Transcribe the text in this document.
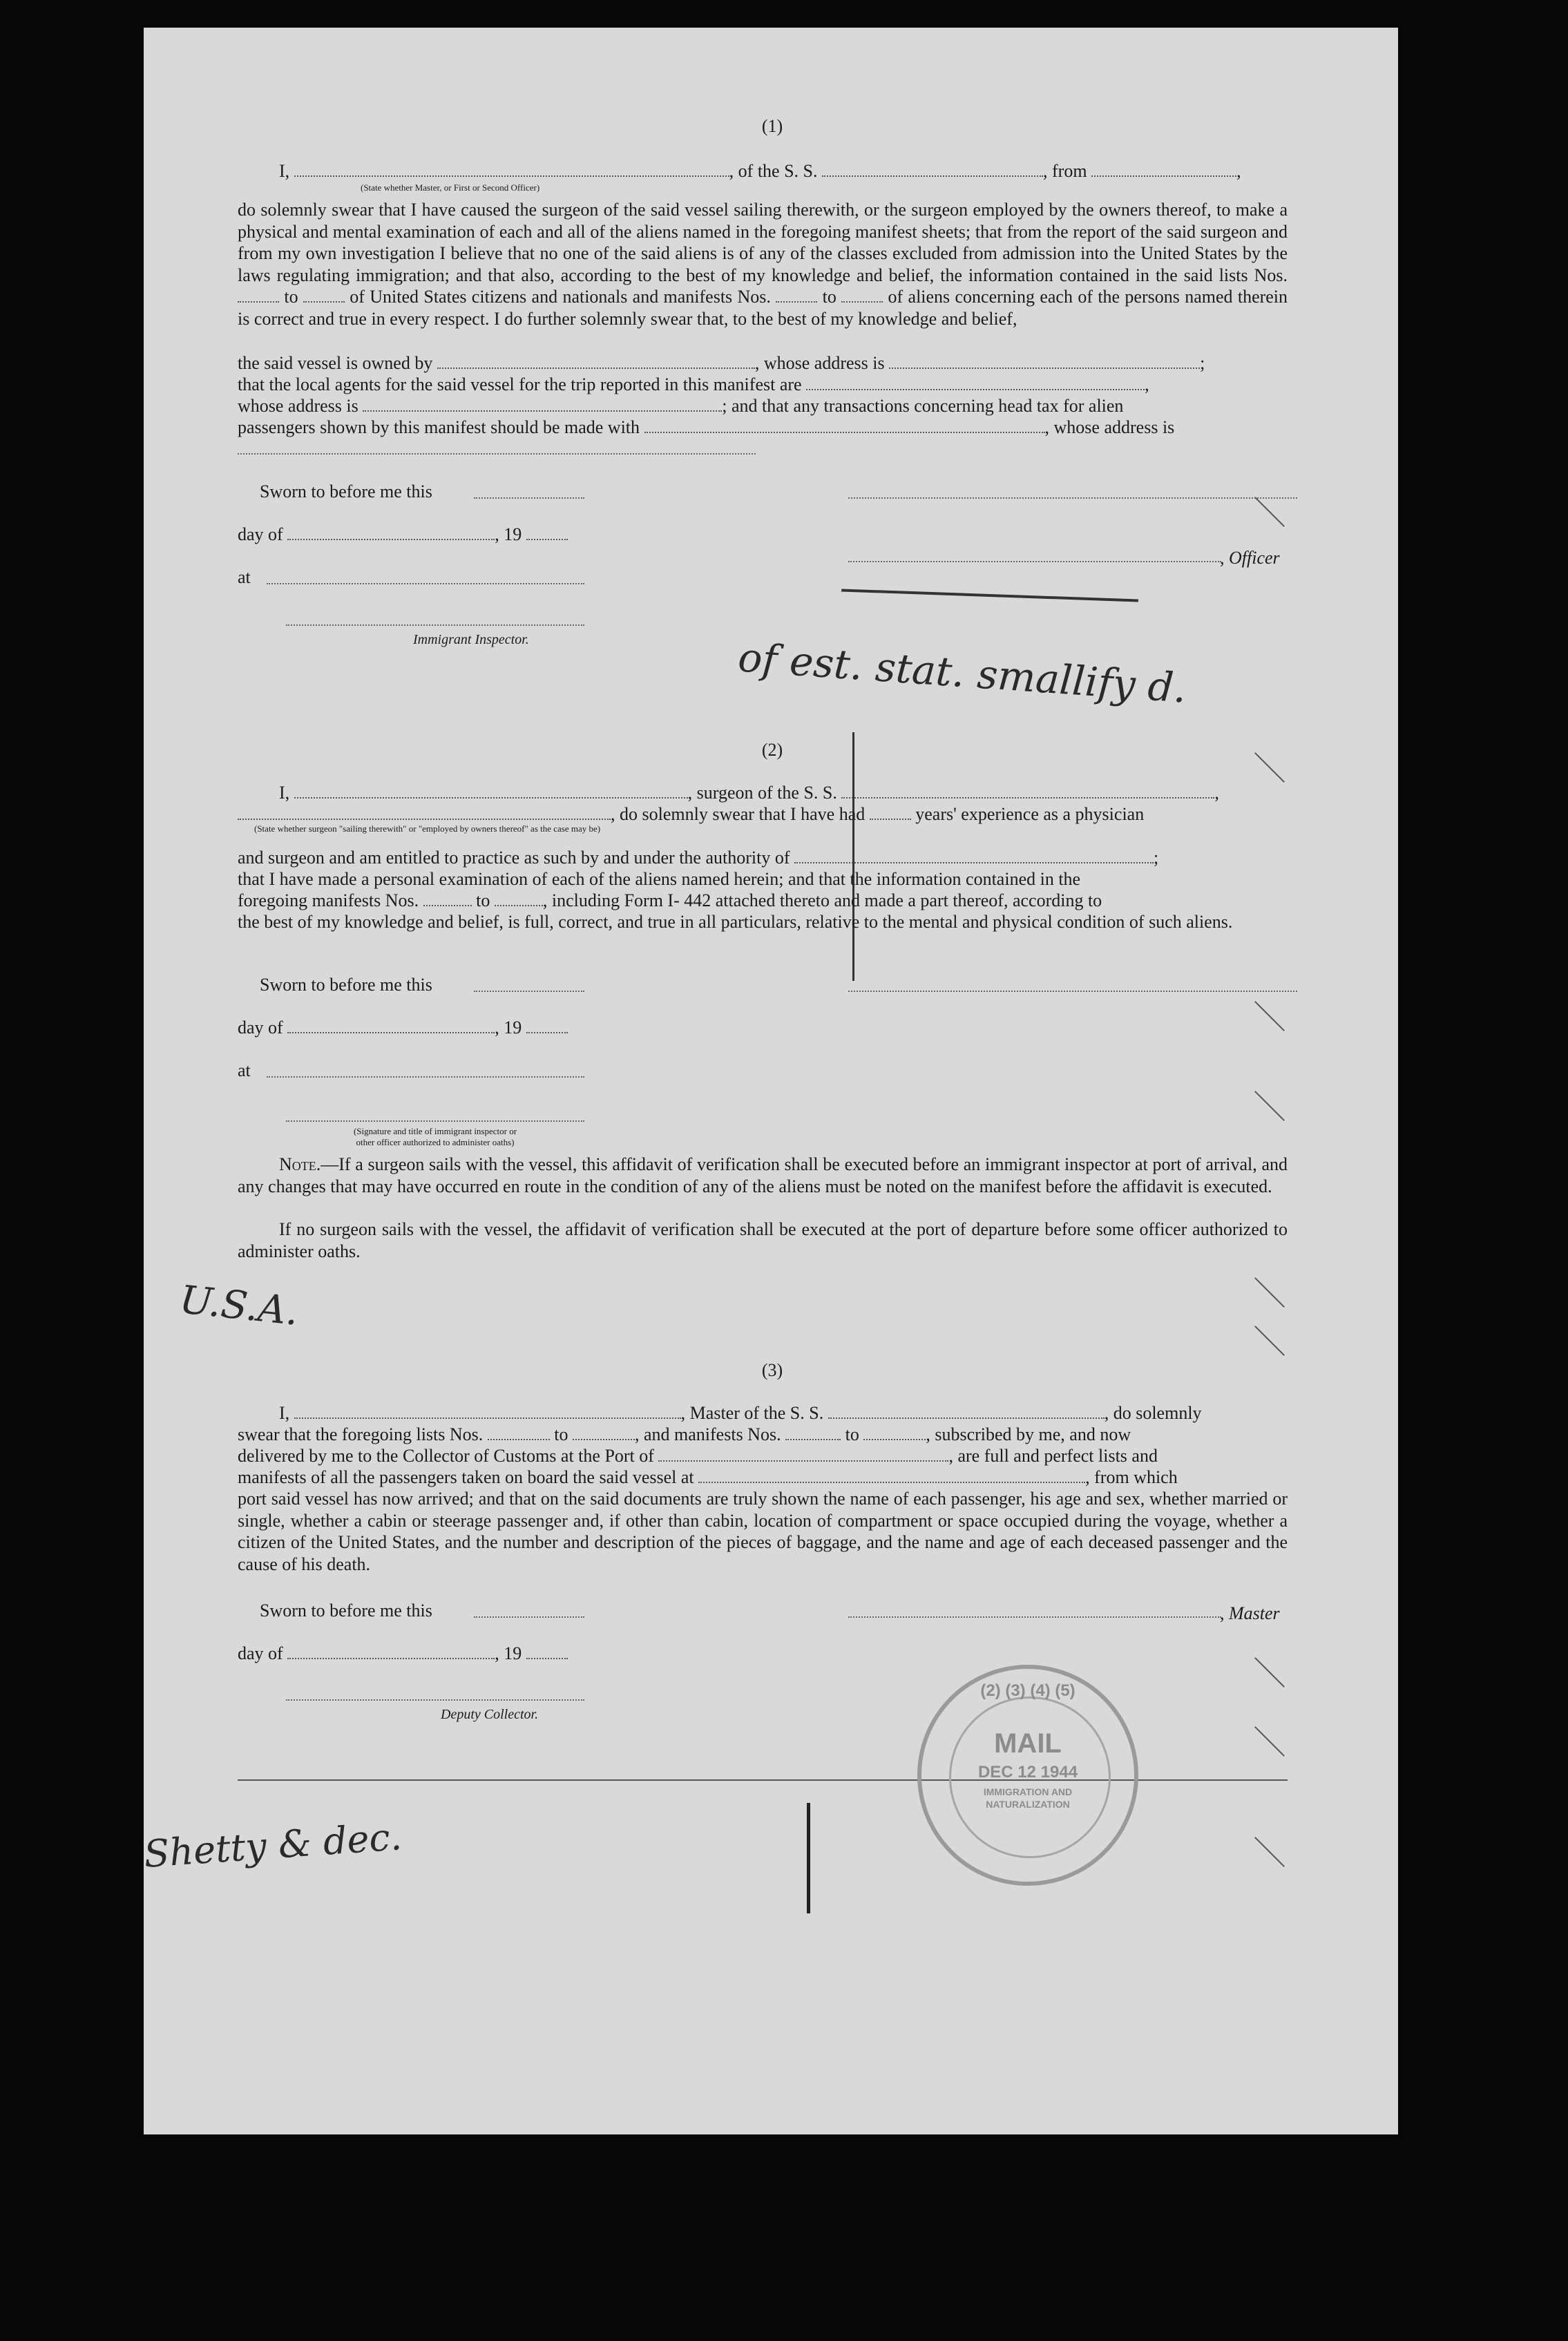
(1)
I,	, of the S. S.	, from	,
(State whether Master, or First or Second Officer)
do solemnly swear that I have caused the surgeon of the said vessel sailing therewith, or the surgeon employed by the owners thereof, to make a physical and mental examination of each and all of the aliens named in the foregoing manifest sheets; that from the report of the said surgeon and from my own investigation I believe that no one of the said aliens is of any of the classes excluded from admission into the United States by the laws regulating immigration; and that also, according to the best of my knowledge and belief, the information contained in the said lists Nos.  to	of United States citizens and nationals and manifests Nos.	to	of aliens concerning each of the persons named therein is correct and true in every respect. I do further solemnly swear that, to the best of my knowledge and belief,
the said vessel is owned by	, whose address is	;
that the local agents for the said vessel for the trip reported in this manifest are	,
whose address is	; and that any transactions concerning head tax for alien
passengers shown by this manifest should be made with	, whose address is
Sworn to before me this
day of	, 19
, Officer
at
Immigrant Inspector.	of est. stat. smallify d.
(2)
I,	, surgeon of the S. S.	,
, do solemnly swear that I have had	years' experience as a physician
(State whether surgeon "sailing therewith" or "employed by owners thereof" as the case may be)
and surgeon and am entitled to practice as such by and under the authority of	;
that I have made a personal examination of each of the aliens named herein; and that the information contained in the
foregoing manifests Nos.	to	, including Form I- 442 attached thereto and made a part thereof, according to
the best of my knowledge and belief, is full, correct, and true in all particulars, relative to the mental and physical condition of such aliens.
Sworn to before me this
day of	, 19
at
(Signature and title of immigrant inspector or
other officer authorized to administer oaths)
Note.—If a surgeon sails with the vessel, this affidavit of verification shall be executed before an immigrant inspector at port of arrival, and any changes that may have occurred en route in the condition of any of the aliens must be noted on the manifest before the affidavit is executed.
If no surgeon sails with the vessel, the affidavit of verification shall be executed at the port of departure before some officer authorized to administer oaths.
U.S.A.
(3)
I,	, Master of the S. S.	, do solemnly
swear that the foregoing lists Nos.	to	, and manifests Nos.	to	, subscribed by me, and now
delivered by me to the Collector of Customs at the Port of	, are full and perfect lists and
manifests of all the passengers taken on board the said vessel at	, from which
port said vessel has now arrived; and that on the said documents are truly shown the name of each passenger, his age and sex, whether married or single, whether a cabin or steerage passenger and, if other than cabin, location of compartment or space occupied during the voyage, whether a citizen of the United States, and the number and description of the pieces of baggage, and the name and age of each deceased passenger and the cause of his death.
Sworn to before me this	, Master
day of	, 19
Deputy Collector.
(2) (3) (4) (5)
MAIL
DEC 12 1944
IMMIGRATION AND
NATURALIZATION
Shetty & dec.
